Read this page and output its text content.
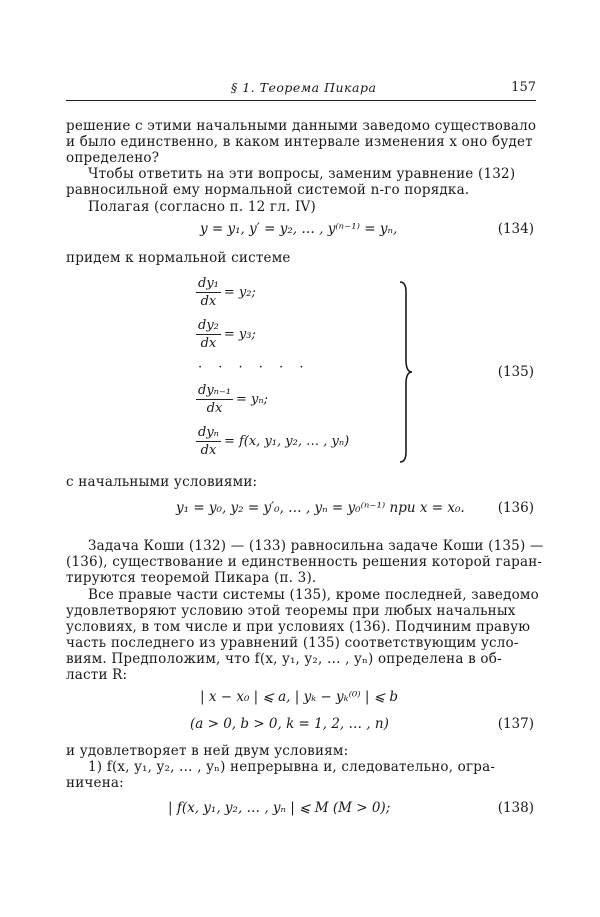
§ 1. Теорема Пикара	157
решение с этими начальными данными заведомо существовало
и было единственно, в каком интервале изменения x оно будет
определено?
Чтобы ответить на эти вопросы, заменим уравнение (132)
равносильной ему нормальной системой n-го порядка.
Полагая (согласно п. 12 гл. IV)
y = y₁, y′ = y₂, … , y⁽ⁿ⁻¹⁾ = yₙ,	(134)
придем к нормальной системе
$\frac{\text{dy₁}}{dx} = y_2$;
$\frac{\text{dy₂}}{dx} = y_3$;
· · · · · ·
$\frac{\text{dyₙ₋₁}}{dx} = y_n$;
$\frac{\text{dyₙ}}{dx} = f(x$, y₁, y₂, … , yₙ)
(135)
с начальными условиями:
y₁ = y₀, y₂ = y′₀, … , yₙ = y₀⁽ⁿ⁻¹⁾ при x = x₀. (136)
Задача Коши (132) — (133) равносильна задаче Коши (135) —
(136), существование и единственность решения которой гаран-
тируются теоремой Пикара (п. 3).
Все правые части системы (135), кроме последней, заведомо
удовлетворяют условию этой теоремы при любых начальных
условиях, в том числе и при условиях (136). Подчиним правую
часть последнего из уравнений (135) соответствующим усло-
виям. Предположим, что f(x, y₁, y₂, … , yₙ) определена в об-
ласти R:
| x − x₀ | ⩽ a, | yₖ − yₖ⁽⁰⁾ | ⩽ b
(a > 0, b > 0, k = 1, 2, … , n)	(137)
и удовлетворяет в ней двум условиям:
1) f(x, y₁, y₂, … , yₙ) непрерывна и, следовательно, огра-
ничена:
| f(x, y₁, y₂, … , yₙ | ⩽ M (M > 0);	(138)
